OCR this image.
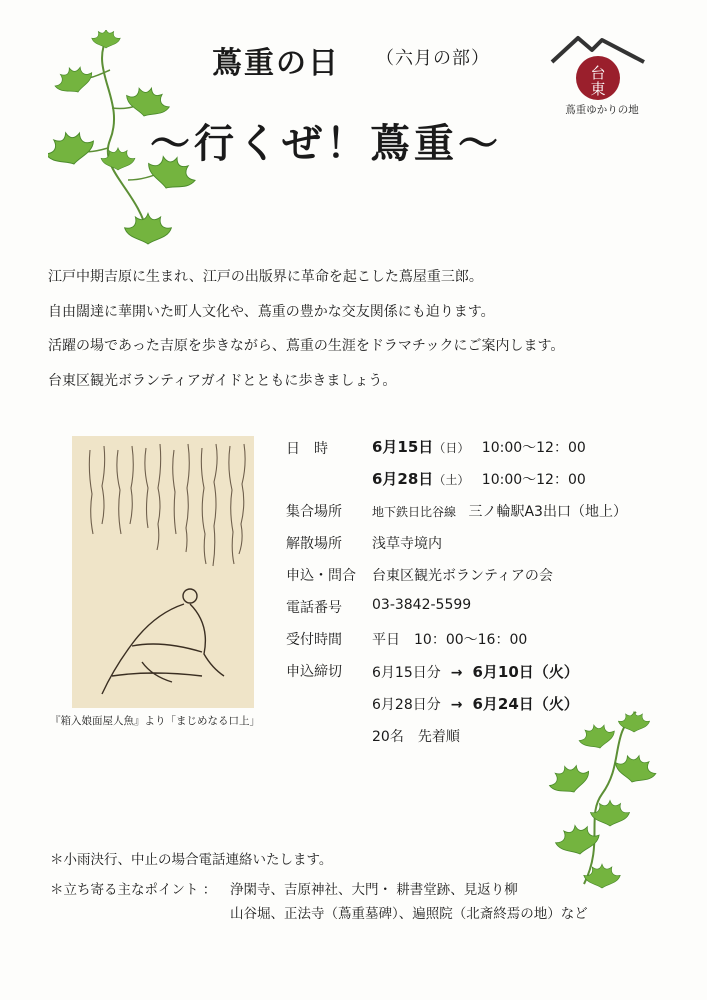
蔦重の日 （六月の部）
〜行くぜ！蔦重〜
台
東
蔦重ゆかりの地
江戸中期吉原に生まれ、江戸の出版界に革命を起こした蔦屋重三郎。
自由闊達に華開いた町人文化や、蔦重の豊かな交友関係にも迫ります。
活躍の場であった吉原を歩きながら、蔦重の生涯をドラマチックにご案内します。
台東区観光ボランティアガイドとともに歩きましょう。
『箱入娘面屋人魚』より「まじめなる口上」
日　時	6月15日（日） 10:00〜12：00
6月28日（土） 10:00〜12：00
集合場所	地下鉄日比谷線 三ノ輪駅A3出口（地上）
解散場所 浅草寺境内
申込・問合 台東区観光ボランティアの会
電話番号 03-3842-5599
受付時間 平日　10：00〜16：00
申込締切 6月15日分 → 6月10日（火）
6月28日分 → 6月24日（火）
20名　先着順
＊小雨決行、中止の場合電話連絡いたします。
＊立ち寄る主なポイント ： 浄閑寺、吉原神社、大門・ 耕書堂跡、見返り柳
山谷堀、正法寺（蔦重墓碑）、遍照院（北斎終焉の地）など
